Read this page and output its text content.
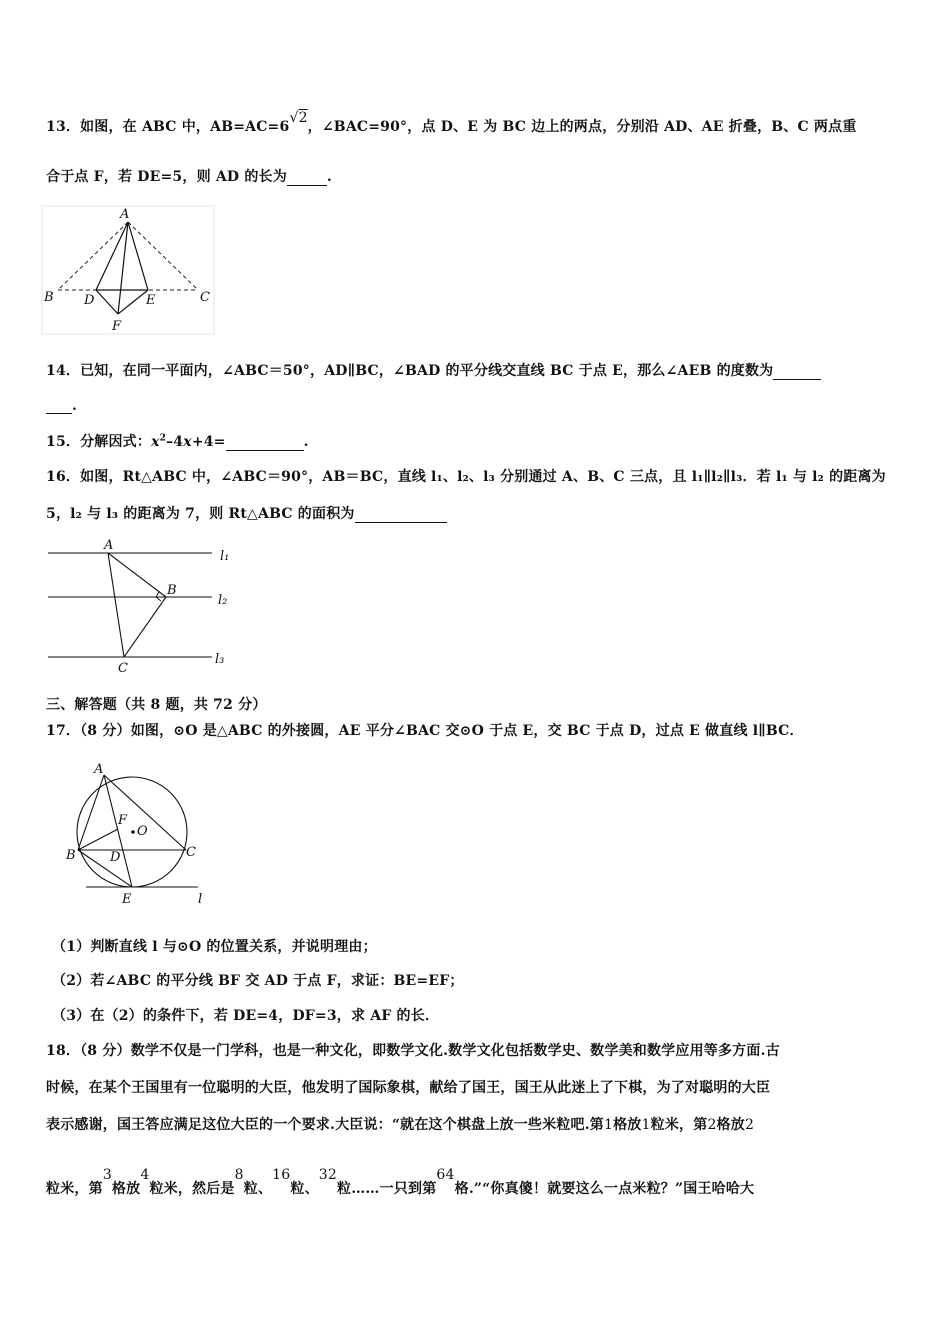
13．如图，在 ABC 中，AB=AC=6√2，∠BAC=90°，点 D、E 为 BC 边上的两点，分别沿 AD、AE 折叠，B、C 两点重
合于点 F，若 DE=5，则 AD 的长为	.
A
B	C
D	E
F
14．已知，在同一平面内，∠ABC＝50°，AD∥BC，∠BAD 的平分线交直线 BC 于点 E，那么∠AEB 的度数为
.
15．分解因式：$x^2-4x+4=$	.
16．如图，Rt△ABC 中，∠ABC＝90°，AB＝BC，直线 l₁、l₂、l₃ 分别通过 A、B、C 三点，且 l₁∥l₂∥l₃．若 l₁ 与 l₂ 的距离为
5，l₂ 与 l₃ 的距离为 7，则 Rt△ABC 的面积为
A
B
C
l₁
l₂
l₃
三、解答题（共 8 题，共 72 分）
17．（8 分）如图，⊙O 是△ABC 的外接圆，AE 平分∠BAC 交⊙O 于点 E，交 BC 于点 D，过点 E 做直线 l∥BC．
A
B	C
D
E
F
O
l
（1）判断直线 l 与⊙O 的位置关系，并说明理由；
（2）若∠ABC 的平分线 BF 交 AD 于点 F，求证：BE=EF；
（3）在（2）的条件下，若 DE=4，DF=3，求 AF 的长．
18．（8 分）数学不仅是一门学科，也是一种文化，即数学文化.数学文化包括数学史、数学美和数学应用等多方面.古
时候，在某个王国里有一位聪明的大臣，他发明了国际象棋，献给了国王，国王从此迷上了下棋，为了对聪明的大臣
表示感谢，国王答应满足这位大臣的一个要求.大臣说：“就在这个棋盘上放一些米粒吧.第1格放1粒米，第2格放2
粒米，第3格放4粒米，然后是8粒、16粒、32粒……一只到第64格.”“你真傻！就要这么一点米粒？”国王哈哈大
